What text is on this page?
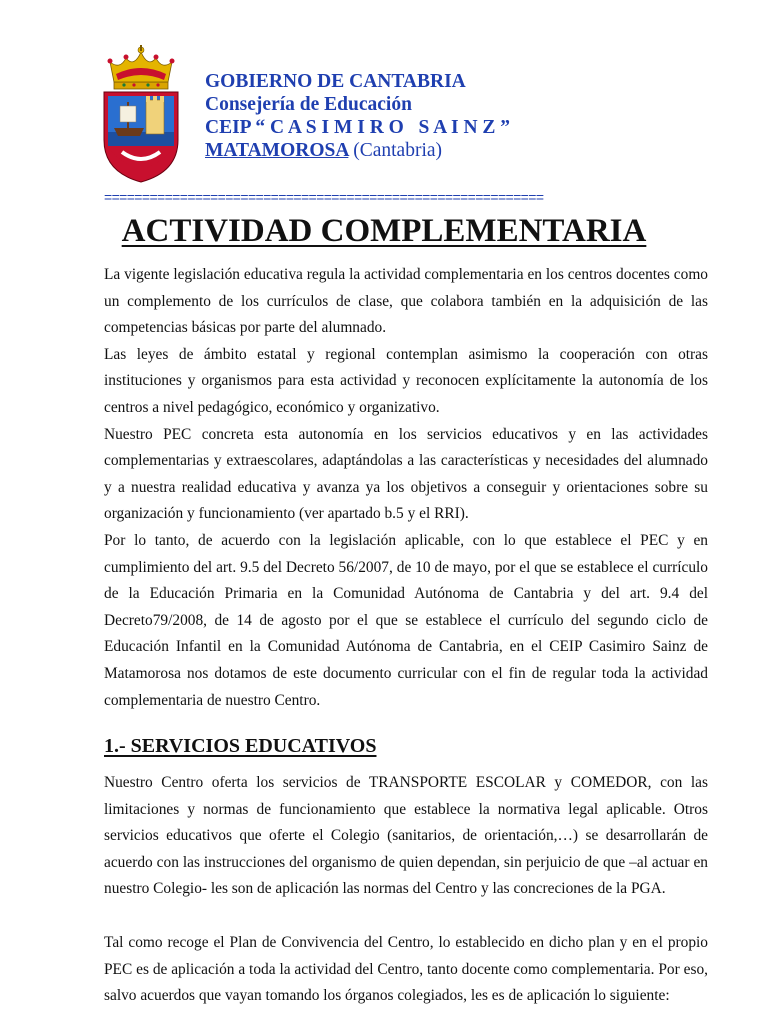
GOBIERNO DE CANTABRIA
Consejería de Educación
CEIP “ C A S I M I R O   S A I N Z ”
MATAMOROSA (Cantabria)
==========================================================
ACTIVIDAD COMPLEMENTARIA

La vigente legislación educativa regula la actividad complementaria en los centros docentes como un complemento de los currículos de clase, que colabora también en la adquisición de las competencias básicas por parte del alumnado.

Las leyes de ámbito estatal y regional contemplan asimismo la cooperación con otras instituciones y organismos para esta actividad y reconocen explícitamente la autonomía de los centros a nivel pedagógico, económico y organizativo.

Nuestro PEC concreta esta autonomía en los servicios educativos y en las actividades complementarias y extraescolares, adaptándolas a las características y necesidades del alumnado y a nuestra realidad educativa y avanza ya los objetivos a conseguir y orientaciones sobre su organización y funcionamiento (ver apartado b.5 y el RRI).

Por lo tanto, de acuerdo con la legislación aplicable, con lo que establece el PEC y en cumplimiento del art. 9.5 del Decreto 56/2007, de 10 de mayo, por el que se establece el currículo de la Educación Primaria en la Comunidad Autónoma de Cantabria y del art. 9.4 del Decreto79/2008, de 14 de agosto por el que se establece el currículo del segundo ciclo de Educación Infantil en la Comunidad Autónoma de Cantabria, en el CEIP Casimiro Sainz de Matamorosa nos dotamos de este documento curricular con el fin de regular toda la actividad complementaria de nuestro Centro.

1.- SERVICIOS EDUCATIVOS

Nuestro Centro oferta los servicios de TRANSPORTE ESCOLAR y COMEDOR, con las limitaciones y normas de funcionamiento que establece la normativa legal aplicable. Otros servicios educativos que oferte el Colegio (sanitarios, de orientación,…) se desarrollarán de acuerdo con las instrucciones del organismo de quien dependan, sin perjuicio de que –al actuar en nuestro Colegio- les son de aplicación las normas del Centro y las concreciones de la PGA.

Tal como recoge el Plan de Convivencia del Centro, lo establecido en dicho plan y en el propio PEC es de aplicación a toda la actividad del Centro, tanto docente como complementaria. Por eso, salvo acuerdos que vayan tomando los órganos colegiados, les es de aplicación lo siguiente:
